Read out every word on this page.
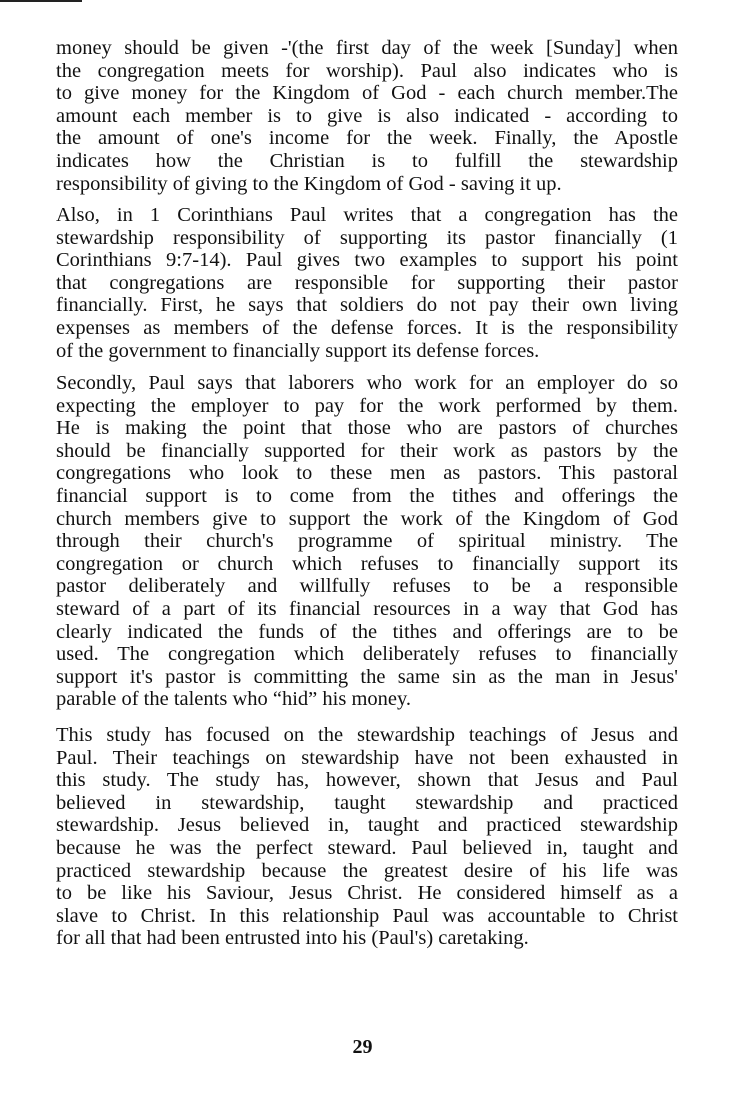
money should be given -'(the first day of the week [Sunday] when
the congregation meets for worship). Paul also indicates who is
to give money for the Kingdom of God - each church member.The
amount each member is to give is also indicated - according to
the amount of one's income for the week. Finally, the Apostle
indicates how the Christian is to fulfill the stewardship
responsibility of giving to the Kingdom of God - saving it up.
Also, in 1 Corinthians Paul writes that a congregation has the
stewardship responsibility of supporting its pastor financially (1
Corinthians 9:7-14). Paul gives two examples to support his point
that congregations are responsible for supporting their pastor
financially. First, he says that soldiers do not pay their own living
expenses as members of the defense forces. It is the responsibility
of the government to financially support its defense forces.
Secondly, Paul says that laborers who work for an employer do so
expecting the employer to pay for the work performed by them.
He is making the point that those who are pastors of churches
should be financially supported for their work as pastors by the
congregations who look to these men as pastors. This pastoral
financial support is to come from the tithes and offerings the
church members give to support the work of the Kingdom of God
through their church's programme of spiritual ministry. The
congregation or church which refuses to financially support its
pastor deliberately and willfully refuses to be a responsible
steward of a part of its financial resources in a way that God has
clearly indicated the funds of the tithes and offerings are to be
used. The congregation which deliberately refuses to financially
support it's pastor is committing the same sin as the man in Jesus'
parable of the talents who “hid” his money.
This study has focused on the stewardship teachings of Jesus and
Paul. Their teachings on stewardship have not been exhausted in
this study. The study has, however, shown that Jesus and Paul
believed in stewardship, taught stewardship and practiced
stewardship. Jesus believed in, taught and practiced stewardship
because he was the perfect steward. Paul believed in, taught and
practiced stewardship because the greatest desire of his life was
to be like his Saviour, Jesus Christ. He considered himself as a
slave to Christ. In this relationship Paul was accountable to Christ
for all that had been entrusted into his (Paul's) caretaking.
29
